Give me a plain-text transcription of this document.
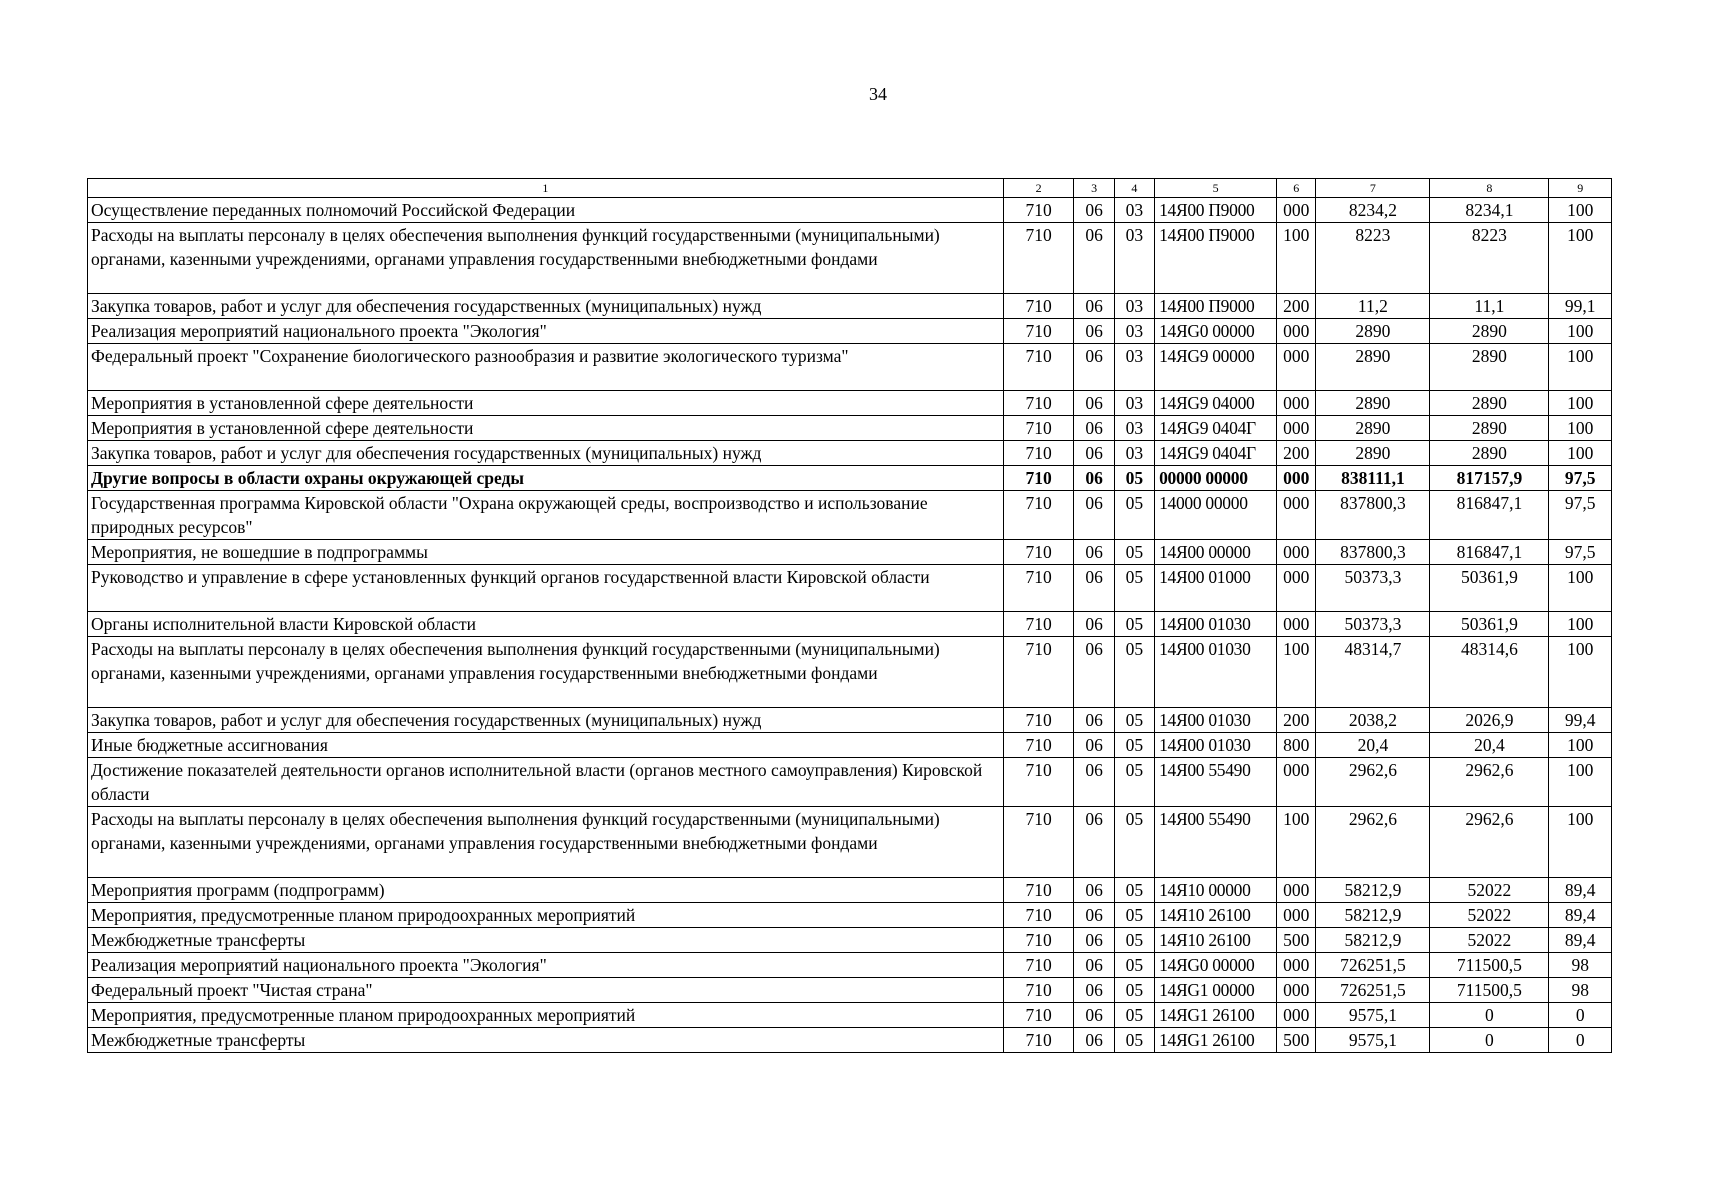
34
1	2	3	4	5	6	7	8	9
Осуществление переданных полномочий Российской Федерации	710	06	03	14Я00 П9000	000	8234,2	8234,1	100
Расходы на выплаты персоналу в целях обеспечения выполнения функций государственными (муниципальными) органами, казенными учреждениями, органами управления государственными внебюджетными фондами	710	06	03	14Я00 П9000	100	8223	8223	100
Закупка товаров, работ и услуг для обеспечения государственных (муниципальных) нужд	710	06	03	14Я00 П9000	200	11,2	11,1	99,1
Реализация мероприятий национального проекта "Экология"	710	06	03	14ЯG0 00000	000	2890	2890	100
Федеральный проект "Сохранение биологического разнообразия и развитие экологического туризма"	710	06	03	14ЯG9 00000	000	2890	2890	100
Мероприятия в установленной сфере деятельности	710	06	03	14ЯG9 04000	000	2890	2890	100
Мероприятия в установленной сфере деятельности	710	06	03	14ЯG9 0404Г	000	2890	2890	100
Закупка товаров, работ и услуг для обеспечения государственных (муниципальных) нужд	710	06	03	14ЯG9 0404Г	200	2890	2890	100
Другие вопросы в области охраны окружающей среды	710	06	05	00000 00000	000	838111,1	817157,9	97,5
Государственная программа Кировской области "Охрана окружающей среды, воспроизводство и использование природных ресурсов"	710	06	05	14000 00000	000	837800,3	816847,1	97,5
Мероприятия, не вошедшие в подпрограммы	710	06	05	14Я00 00000	000	837800,3	816847,1	97,5
Руководство и управление в сфере установленных функций органов государственной власти Кировской области	710	06	05	14Я00 01000	000	50373,3	50361,9	100
Органы исполнительной власти Кировской области	710	06	05	14Я00 01030	000	50373,3	50361,9	100
Расходы на выплаты персоналу в целях обеспечения выполнения функций государственными (муниципальными) органами, казенными учреждениями, органами управления государственными внебюджетными фондами	710	06	05	14Я00 01030	100	48314,7	48314,6	100
Закупка товаров, работ и услуг для обеспечения государственных (муниципальных) нужд	710	06	05	14Я00 01030	200	2038,2	2026,9	99,4
Иные бюджетные ассигнования	710	06	05	14Я00 01030	800	20,4	20,4	100
Достижение показателей деятельности органов исполнительной власти (органов местного самоуправления) Кировской области	710	06	05	14Я00 55490	000	2962,6	2962,6	100
Расходы на выплаты персоналу в целях обеспечения выполнения функций государственными (муниципальными) органами, казенными учреждениями, органами управления государственными внебюджетными фондами	710	06	05	14Я00 55490	100	2962,6	2962,6	100
Мероприятия программ (подпрограмм)	710	06	05	14Я10 00000	000	58212,9	52022	89,4
Мероприятия, предусмотренные планом природоохранных мероприятий	710	06	05	14Я10 26100	000	58212,9	52022	89,4
Межбюджетные трансферты	710	06	05	14Я10 26100	500	58212,9	52022	89,4
Реализация мероприятий национального проекта "Экология"	710	06	05	14ЯG0 00000	000	726251,5	711500,5	98
Федеральный проект "Чистая страна"	710	06	05	14ЯG1 00000	000	726251,5	711500,5	98
Мероприятия, предусмотренные планом природоохранных мероприятий	710	06	05	14ЯG1 26100	000	9575,1	0	0
Межбюджетные трансферты	710	06	05	14ЯG1 26100	500	9575,1	0	0
